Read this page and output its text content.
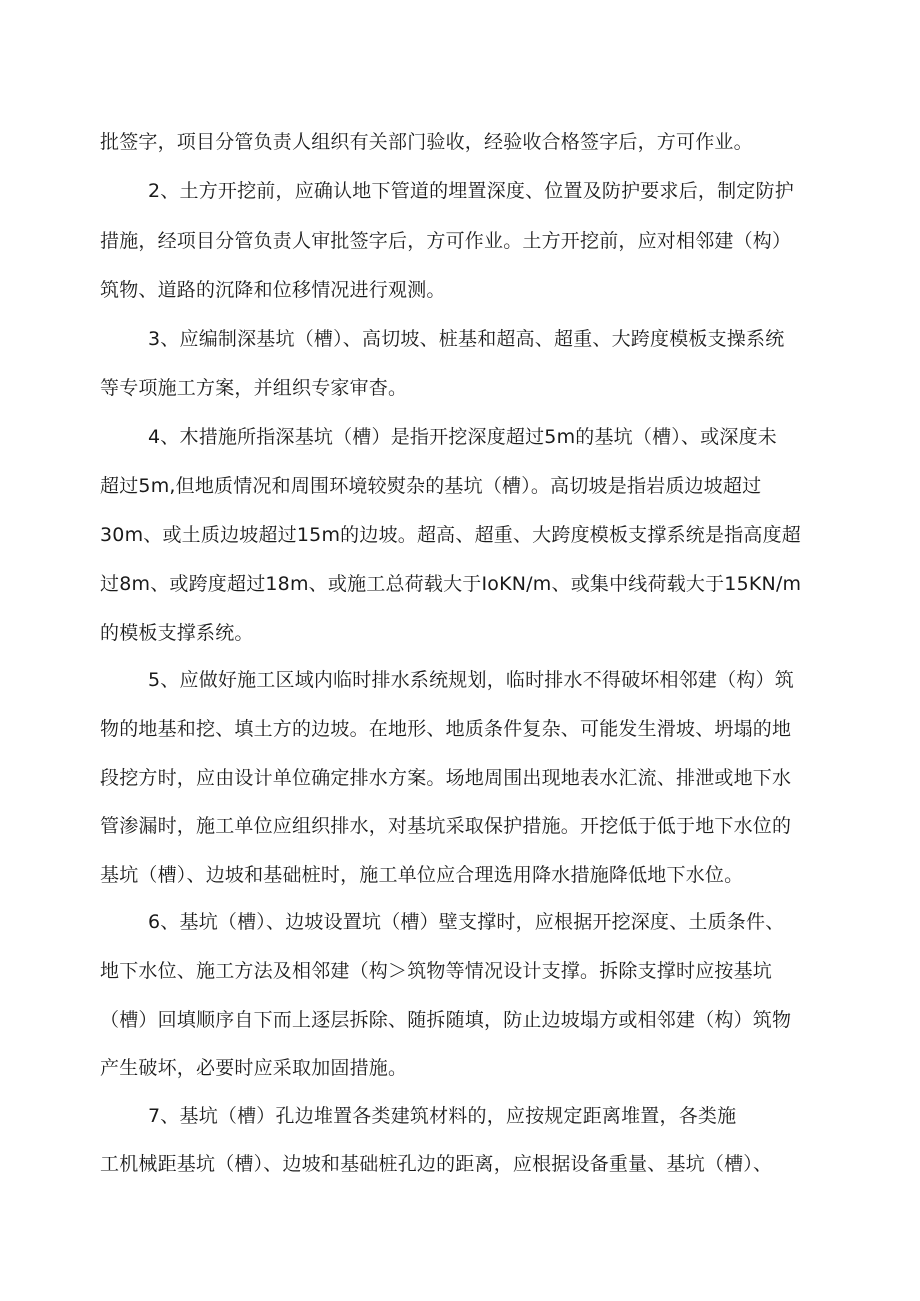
批签字，项目分管负责人组织有关部门验收，经验收合格签字后，方可作业。
2、土方开挖前，应确认地下管道的埋置深度、位置及防护要求后，制定防护
措施，经项目分管负责人审批签字后，方可作业。土方开挖前，应对相邻建（构）
筑物、道路的沉降和位移情况进行观测。
3、应编制深基坑（槽）、高切坡、桩基和超高、超重、大跨度模板支操系统
等专项施工方案，并组织专家审杳。
4、木措施所指深基坑（槽）是指开挖深度超过5m的基坑（槽）、或深度未
超过5m,但地质情况和周围环境较熨杂的基坑（槽）。高切坡是指岩质边坡超过
30m、或土质边坡超过15m的边坡。超高、超重、大跨度模板支撑系统是指高度超
过8m、或跨度超过18m、或施工总荷载大于IoKN/m、或集中线荷载大于15KN∕m
的模板支撑系统。
5、应做好施工区域内临时排水系统规划，临时排水不得破坏相邻建（构）筑
物的地基和挖、填土方的边坡。在地形、地质条件复杂、可能发生滑坡、坍塌的地
段挖方时，应由设计单位确定排水方案。场地周围出现地表水汇流、排泄或地下水
管渗漏时，施工单位应组织排水，对基坑采取保护措施。开挖低于低于地下水位的
基坑（槽）、边坡和基础桩时，施工单位应合理选用降水措施降低地下水位。
6、基坑（槽）、边坡设置坑（槽）壁支撑时，应根据开挖深度、土质条件、
地下水位、施工方法及相邻建（构＞筑物等情况设计支撑。拆除支撑时应按基坑
（槽）回填顺序自下而上逐层拆除、随拆随填，防止边坡塌方或相邻建（构）筑物
产生破坏，必要时应采取加固措施。
7、基坑（槽）孔边堆置各类建筑材料的，应按规定距离堆置，各类施
工机械距基坑（槽）、边坡和基础桩孔边的距离，应根据设备重量、基坑（槽）、
